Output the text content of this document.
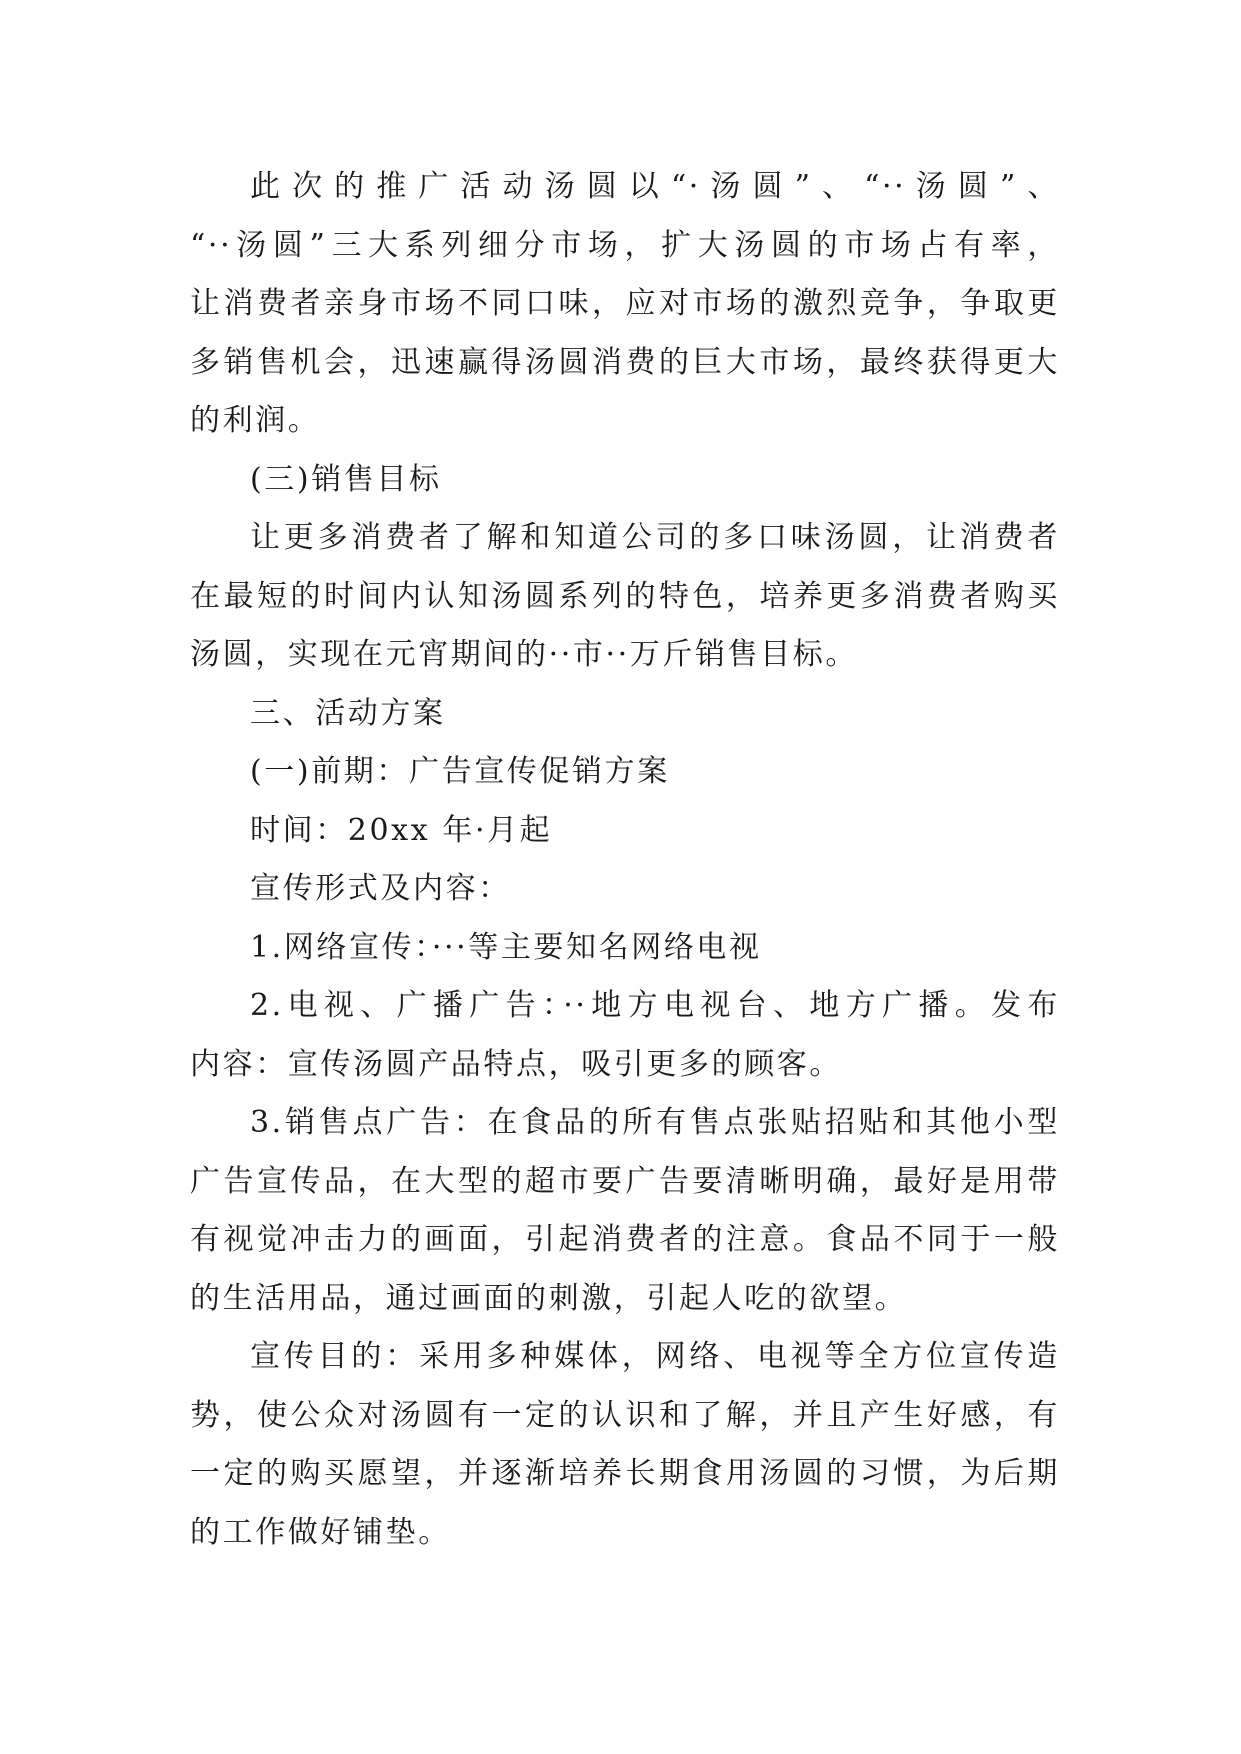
此次的推广活动汤圆以“·汤圆”、“··汤圆”、
“··汤圆”三大系列细分市场，扩大汤圆的市场占有率，
让消费者亲身市场不同口味，应对市场的激烈竞争，争取更
多销售机会，迅速赢得汤圆消费的巨大市场，最终获得更大
的利润。

(三)销售目标

让更多消费者了解和知道公司的多口味汤圆，让消费者
在最短的时间内认知汤圆系列的特色，培养更多消费者购买
汤圆，实现在元宵期间的··市··万斤销售目标。

三、活动方案

(一)前期：广告宣传促销方案

时间：20xx 年·月起

宣传形式及内容：

1.网络宣传：···等主要知名网络电视

2.电视、广播广告：··地方电视台、地方广播。发布
内容：宣传汤圆产品特点，吸引更多的顾客。

3.销售点广告：在食品的所有售点张贴招贴和其他小型
广告宣传品，在大型的超市要广告要清晰明确，最好是用带
有视觉冲击力的画面，引起消费者的注意。食品不同于一般
的生活用品，通过画面的刺激，引起人吃的欲望。

宣传目的：采用多种媒体，网络、电视等全方位宣传造
势，使公众对汤圆有一定的认识和了解，并且产生好感，有
一定的购买愿望，并逐渐培养长期食用汤圆的习惯，为后期
的工作做好铺垫。
